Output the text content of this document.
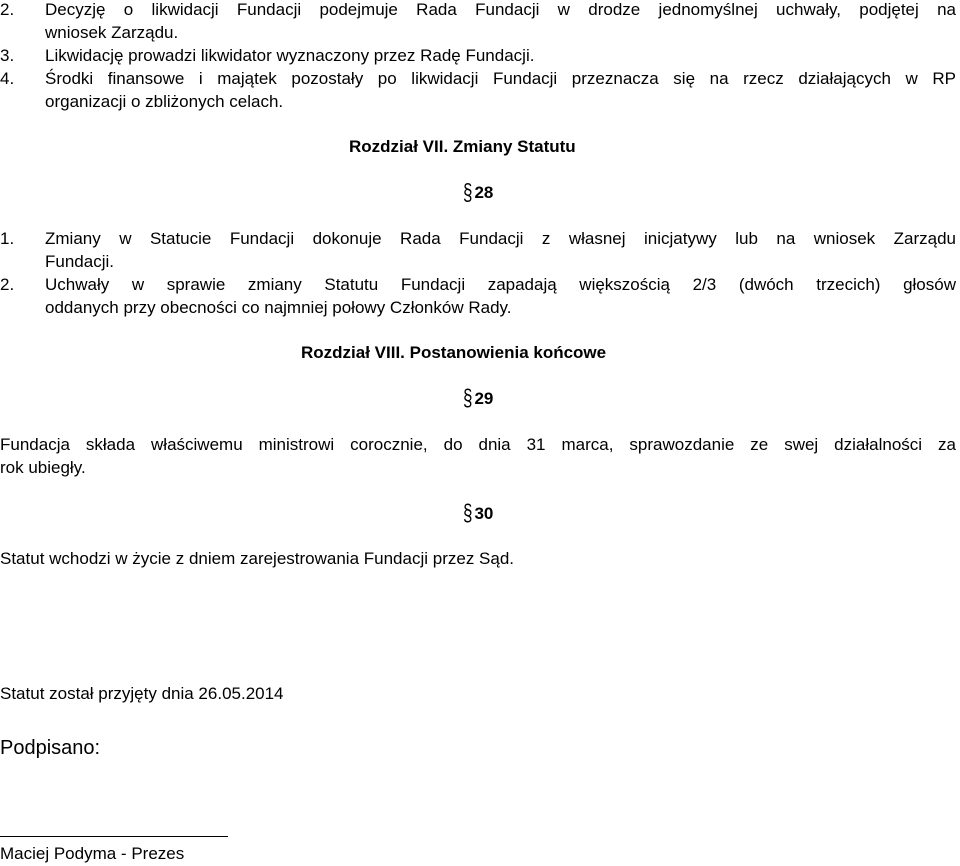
2. Decyzję o likwidacji Fundacji podejmuje Rada Fundacji w drodze jednomyślnej uchwały, podjętej na
wniosek Zarządu.
3. Likwidację prowadzi likwidator wyznaczony przez Radę Fundacji.
4. Środki finansowe i majątek pozostały po likwidacji Fundacji przeznacza się na rzecz działających w RP
organizacji o zbliżonych celach.
Rozdział VII. Zmiany Statutu
§ 28
1. Zmiany w Statucie Fundacji dokonuje Rada Fundacji z własnej inicjatywy lub na wniosek Zarządu
Fundacji.
2. Uchwały w sprawie zmiany Statutu Fundacji zapadają większością 2/3 (dwóch trzecich) głosów
oddanych przy obecności co najmniej połowy Członków Rady.
Rozdział VIII. Postanowienia końcowe
§ 29
Fundacja składa właściwemu ministrowi corocznie, do dnia 31 marca, sprawozdanie ze swej działalności za
rok ubiegły.
§ 30
Statut wchodzi w życie z dniem zarejestrowania Fundacji przez Sąd.
Statut został przyjęty dnia 26.05.2014
Podpisano:
Maciej Podyma - Prezes
